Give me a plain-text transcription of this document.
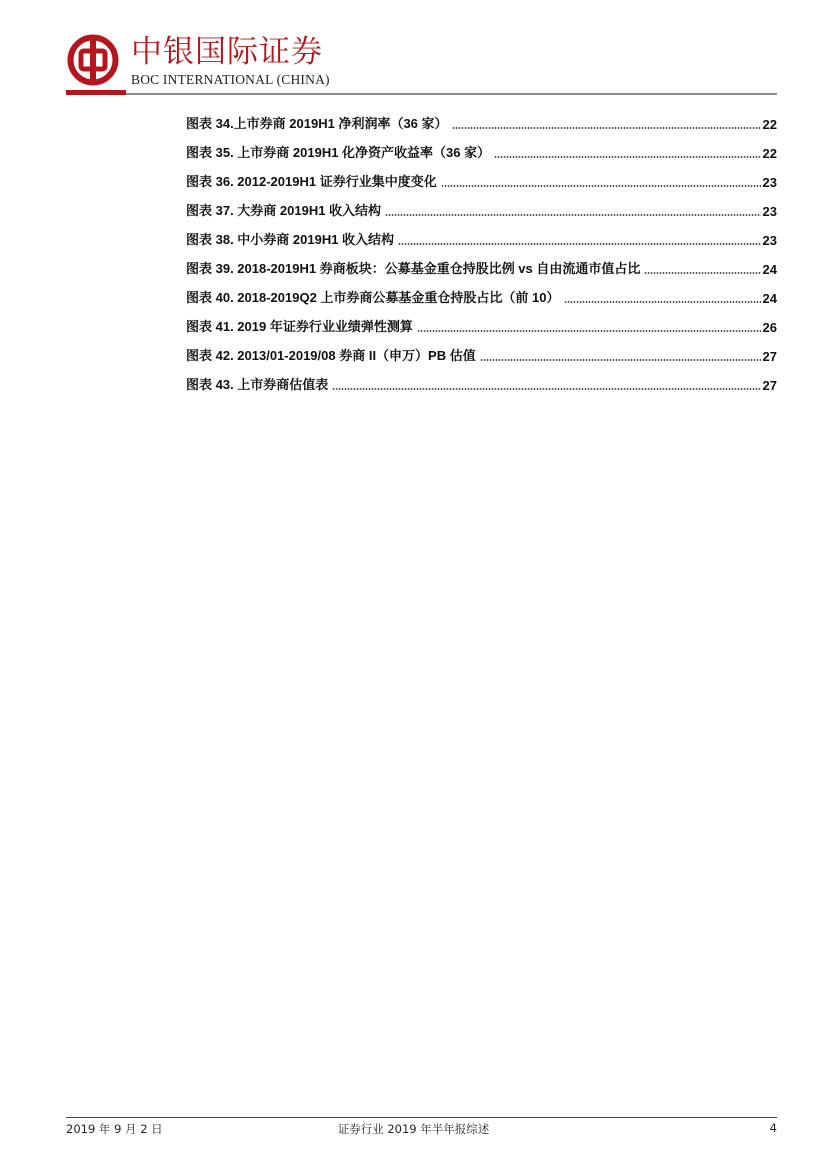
中银国际证券
BOC INTERNATIONAL (CHINA)
图表 34.上市券商 2019H1 净利润率（36 家）	22
图表 35. 上市券商 2019H1 化净资产收益率（36 家）	22
图表 36. 2012-2019H1 证券行业集中度变化	23
图表 37. 大券商 2019H1 收入结构	23
图表 38. 中小券商 2019H1 收入结构	23
图表 39. 2018-2019H1 券商板块：公募基金重仓持股比例 vs 自由流通市值占比	24
图表 40. 2018-2019Q2 上市券商公募基金重仓持股占比（前 10）	24
图表 41. 2019 年证券行业业绩弹性测算	26
图表 42. 2013/01-2019/08 券商 II（申万）PB 估值	27
图表 43. 上市券商估值表	27
2019 年 9 月 2 日	证券行业 2019 年半年报综述	4
